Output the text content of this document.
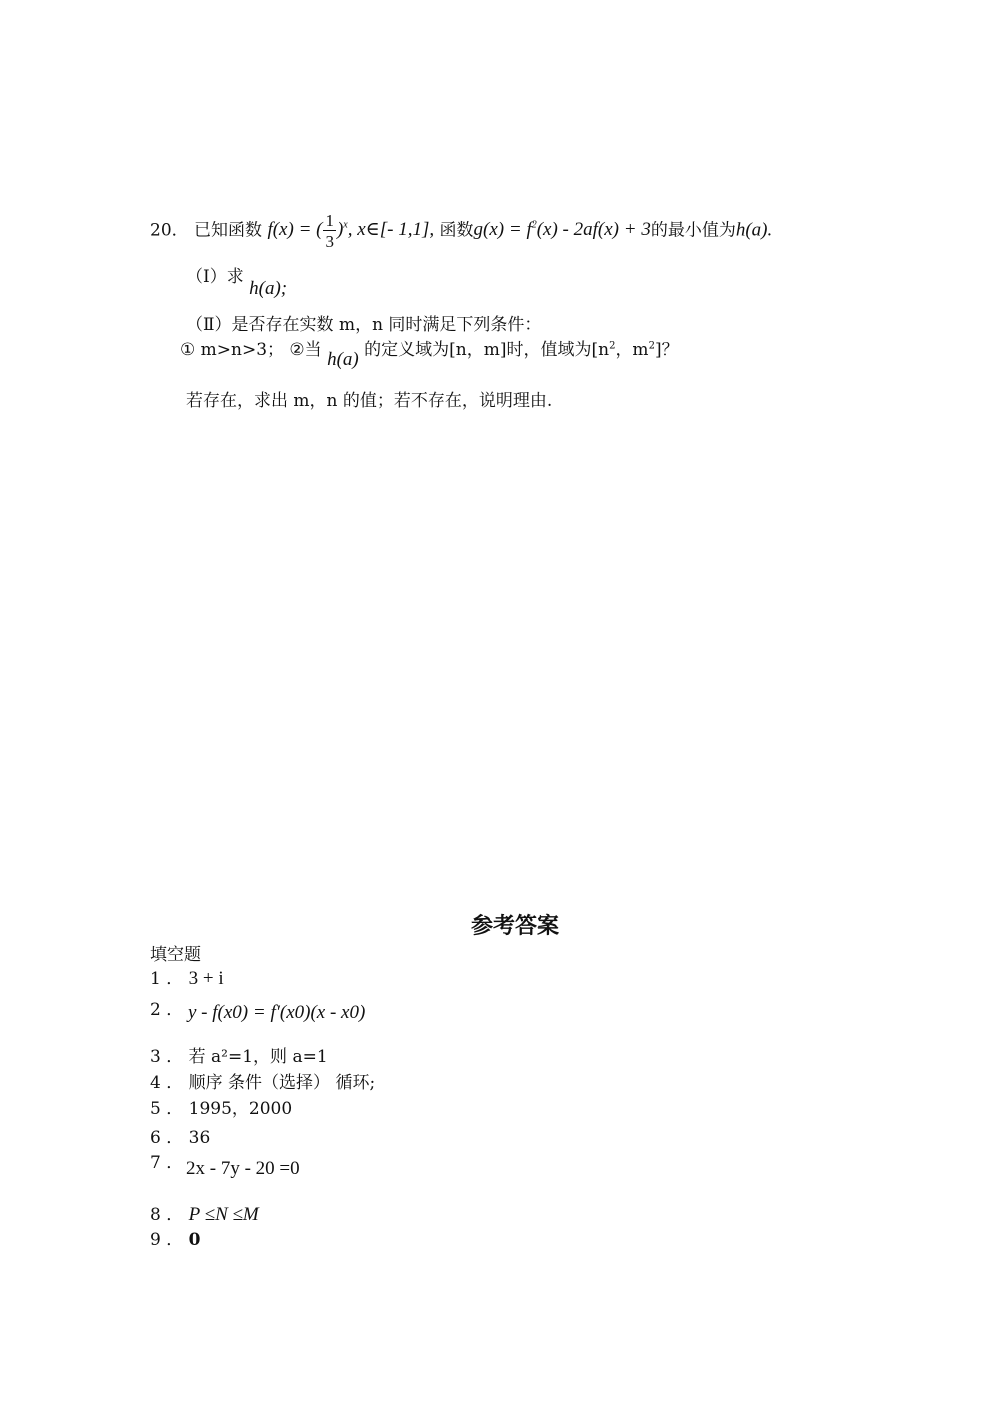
20． 已知函数 f(x) = ( $\frac{1}{3} )^x$, x∈[- 1,1], 函数$g(x) = f^2(x) - 2af(x) + 3$的最小值为h(a).
（Ⅰ）求 h(a);
（Ⅱ）是否存在实数 m，n 同时满足下列条件：
① m>n>3； ②当 h(a) 的定义域为[n，m]时，值域为[$n^2$，$m^2$]？
若存在，求出 m，n 的值；若不存在，说明理由.
参考答案
填空题
1 ． 3 + i
2 ． y - f(x0) = f′(x0)(x - x0)
3 ． 若 a²=1，则 a=1
4 ． 顺序 条件（选择） 循环;
5 ． 1995，2000
6 ． 36
7 ． 2x - 7y - 20 =0
8 ． P ≤N ≤M
9 ． 0
